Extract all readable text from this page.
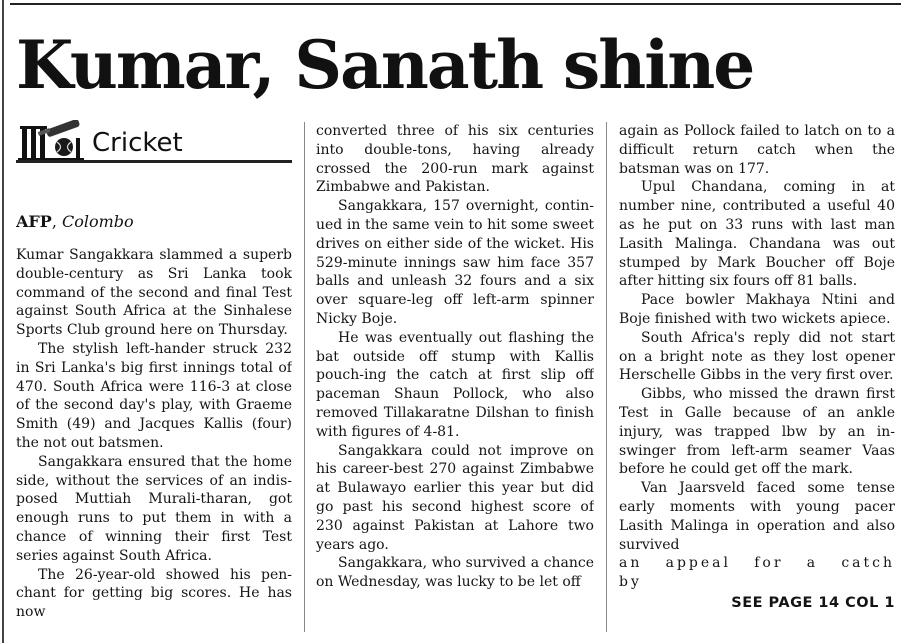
Kumar, Sanath shine
Cricket
AFP, Colombo

Kumar Sangakkara slammed a superb double-century as Sri Lanka took command of the second and final Test against South Africa at the Sinhalese Sports Club ground here on Thursday.

The stylish left-hander struck 232 in Sri Lanka's big first innings total of 470. South Africa were 116-3 at close of the second day's play, with Graeme Smith (49) and Jacques Kallis (four) the not out batsmen.

Sangakkara ensured that the home side, without the services of an indis-posed Muttiah Murali-tharan, got enough runs to put them in with a chance of winning their first Test series against South Africa.

The 26-year-old showed his pen-chant for getting big scores. He has now

converted three of his six centuries into double-tons, having already crossed the 200-run mark against Zimbabwe and Pakistan.

Sangakkara, 157 overnight, contin-ued in the same vein to hit some sweet drives on either side of the wicket. His 529-minute innings saw him face 357 balls and unleash 32 fours and a six over square-leg off left-arm spinner Nicky Boje.

He was eventually out flashing the bat outside off stump with Kallis pouch-ing the catch at first slip off paceman Shaun Pollock, who also removed Tillakaratne Dilshan to finish with figures of 4-81.

Sangakkara could not improve on his career-best 270 against Zimbabwe at Bulawayo earlier this year but did go past his second highest score of 230 against Pakistan at Lahore two years ago.

Sangakkara, who survived a chance on Wednesday, was lucky to be let off

again as Pollock failed to latch on to a difficult return catch when the batsman was on 177.

Upul Chandana, coming in at number nine, contributed a useful 40 as he put on 33 runs with last man Lasith Malinga. Chandana was out stumped by Mark Boucher off Boje after hitting six fours off 81 balls.

Pace bowler Makhaya Ntini and Boje finished with two wickets apiece.

South Africa's reply did not start on a bright note as they lost opener Herschelle Gibbs in the very first over.

Gibbs, who missed the drawn first Test in Galle because of an ankle injury, was trapped lbw by an in-swinger from left-arm seamer Vaas before he could get off the mark.

Van Jaarsveld faced some tense early moments with young pacer Lasith Malinga in operation and also survived

an appeal for a catch by

SEE PAGE 14 COL 1
